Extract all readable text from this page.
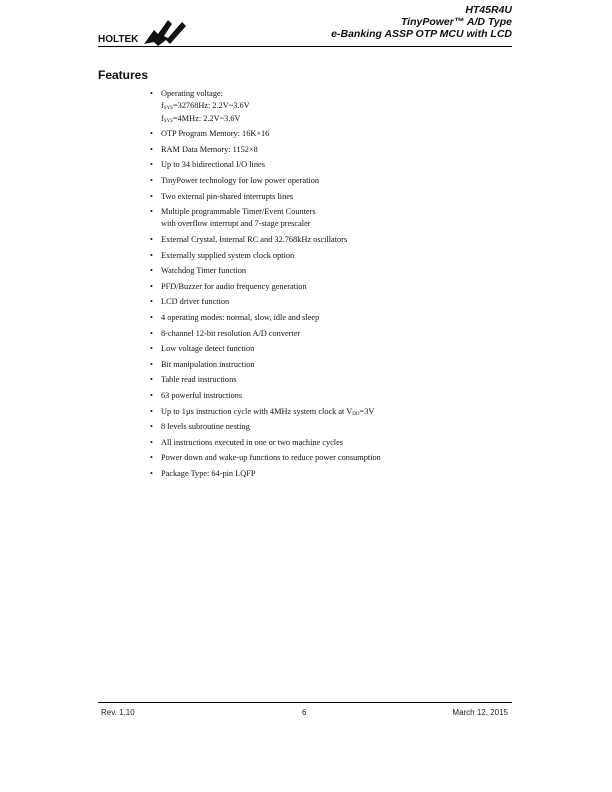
HOLTEK
HT45R4U
TinyPower™ A/D Type
e-Banking ASSP OTP MCU with LCD
Features
• Operating voltage:
$f_{SYS}=32768Hz$: 2.2V~3.6V
$f_{SYS}=4MHz$: 2.2V~3.6V
• OTP Program Memory: 16K×16
• RAM Data Memory: 1152×8
• Up to 34 bidirectional I/O lines
• TinyPower technology for low power operation
• Two external pin-shared interrupts lines
• Multiple programmable Timer/Event Counters
with overflow interrupt and 7-stage prescaler
• External Crystal, Internal RC and 32.768kHz oscillators
• Externally supplied system clock option
• Watchdog Timer function
• PFD/Buzzer for audio frequency generation
• LCD driver function
• 4 operating modes: normal, slow, idle and sleep
• 8-channel 12-bit resolution A/D converter
• Low voltage detect function
• Bit manipulation instruction
• Table read instructions
• 63 powerful instructions
• Up to 1µs instruction cycle with 4MHz system clock at $V_{DD}=3V$
• 8 levels subroutine nesting
• All instructions executed in one or two machine cycles
• Power down and wake-up functions to reduce power consumption
• Package Type: 64-pin LQFP
Rev. 1.10	6	March 12, 2015
